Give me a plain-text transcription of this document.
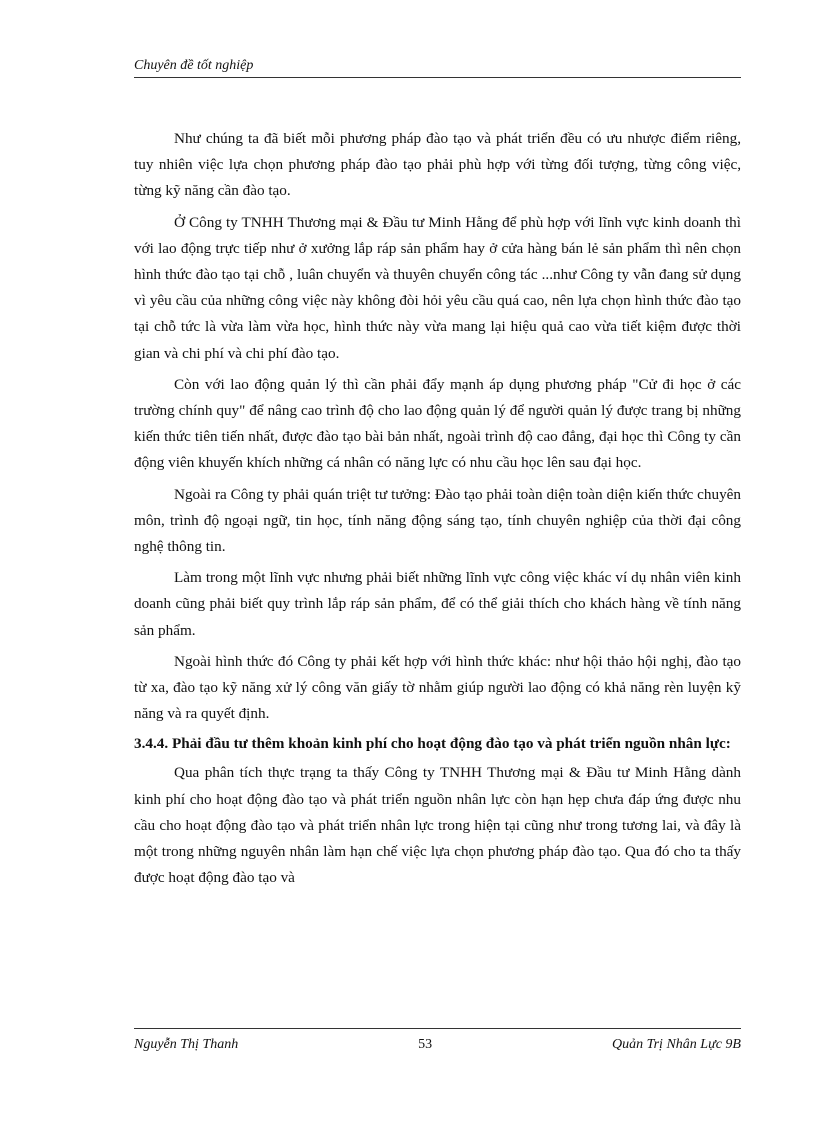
Chuyên đề tốt nghiệp

Như chúng ta đã biết mỗi phương pháp đào tạo và phát triển đều có ưu nhược điểm riêng, tuy nhiên việc lựa chọn phương pháp đào tạo phải phù hợp với từng đối tượng, từng công việc, từng kỹ năng cần đào tạo.

Ở Công ty TNHH Thương mại & Đầu tư Minh Hằng để phù hợp với lĩnh vực kinh doanh thì với lao động trực tiếp như ở xưởng lắp ráp sản phẩm hay ở cửa hàng bán lẻ sản phẩm thì nên chọn hình thức đào tạo tại chỗ , luân chuyển và thuyên chuyển công tác ...như Công ty vẫn đang sử dụng vì yêu cầu của những công việc này không đòi hỏi yêu cầu quá cao, nên lựa chọn hình thức đào tạo tại chỗ tức là vừa làm vừa học, hình thức này vừa mang lại hiệu quả cao vừa tiết kiệm được thời gian và chi phí và chi phí đào tạo.

Còn với lao động quản lý thì cần phải đẩy mạnh áp dụng phương pháp "Cử đi học ở các trường chính quy" để nâng cao trình độ cho lao động quản lý để người quản lý được trang bị những kiến thức tiên tiến nhất, được đào tạo bài bản nhất, ngoài trình độ cao đẳng, đại học thì Công ty cần động viên khuyến khích những cá nhân có năng lực có nhu cầu học lên sau đại học.

Ngoài ra Công ty phải quán triệt tư tưởng: Đào tạo phải toàn diện toàn diện kiến thức chuyên môn, trình độ ngoại ngữ, tin học, tính năng động sáng tạo, tính chuyên nghiệp của thời đại công nghệ thông tin.

Làm trong một lĩnh vực nhưng phải biết những lĩnh vực công việc khác ví dụ nhân viên kinh doanh cũng phải biết quy trình lắp ráp sản phẩm, để có thể giải thích cho khách hàng về tính năng sản phẩm.

Ngoài hình thức đó Công ty phải kết hợp với hình thức khác: như hội thảo hội nghị, đào tạo từ xa, đào tạo kỹ năng xử lý công văn giấy tờ nhằm giúp người lao động có khả năng rèn luyện kỹ năng và ra quyết định.

3.4.4. Phải đầu tư thêm khoản kinh phí cho hoạt động đào tạo và phát triển nguồn nhân lực:

Qua phân tích thực trạng ta thấy Công ty TNHH Thương mại & Đầu tư Minh Hằng dành kinh phí cho hoạt động đào tạo và phát triển nguồn nhân lực còn hạn hẹp chưa đáp ứng được nhu cầu cho hoạt động đào tạo và phát triển nhân lực trong hiện tại cũng như trong tương lai, và đây là một trong những nguyên nhân làm hạn chế việc lựa chọn phương pháp đào tạo. Qua đó cho ta thấy được hoạt động đào tạo và

Nguyễn Thị Thanh	53	Quản Trị Nhân Lực 9B
